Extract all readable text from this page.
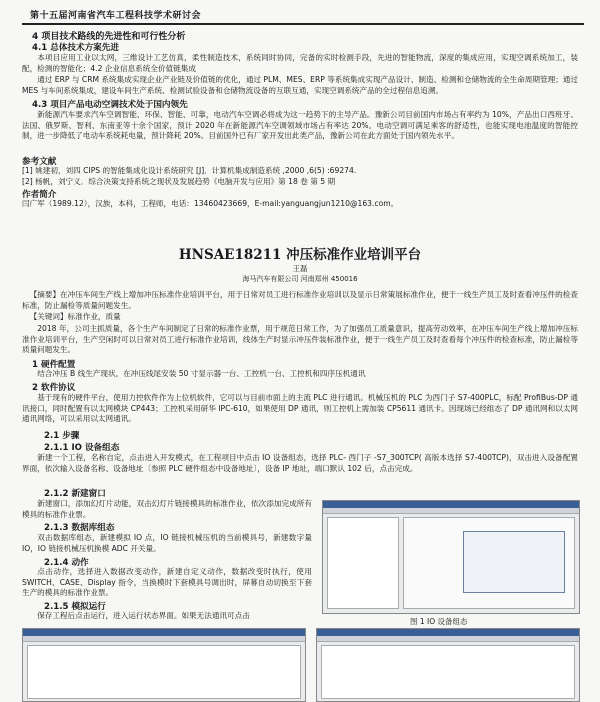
第十五届河南省汽车工程科技学术研讨会
4 项目技术路线的先进性和可行性分析
4.1 总体技术方案先进
本项目应用工业以太网，三维设计工艺仿真，柔性制造技术，系统同时协同，完备的实时检测手段，先进的智能物流，深度的集成应用，实现空调系统加工，装配，检测的智能化；4.2 企业信息系统全价值链集成
通过 ERP 与 CRM 系统集成实现企业产业链及价值链的优化，通过 PLM、MES、ERP 等系统集成实现产品设计、制造、检测和仓储物流的全生命周期管理；通过 MES 与车间系统集成，建设车间生产系统、检测试验设备和仓储物流设备的互联互通，实现空调系统产品的全过程信息追溯。
4.3 项目产品电动空调技术处于国内领先
新能源汽车要求汽车空调智能、环保、智能、可靠，电动汽车空调必将成为这一趋势下的主导产品。豫新公司目前国内市场占有率约为 10%，产品出口西班牙、法国、俄罗斯、智利、东南亚等十余个国家，预计 2020 年在新能源汽车空调领域市场占有率达 20%。电动空调可满足乘客的舒适性，也能实现电池温度的智能控制，进一步降低了电动车系统耗电量，预计降耗 20%。目前国外已有厂家开发出此类产品，豫新公司在此方面处于国内领先水平。
参考文献
[1] 姚建初，刘四 CIPS 的智能集成化设计系统研究 [J]．计算机集成制造系统 ,2000 ,6(5) :69274.
[2] 杨帆，刘宁义．综合决策支持系统之现状及发展趋势《电脑开发与应用》第 18 卷 第 5 期
作者简介
闫广军（1989.12），汉族，本科，工程师，电话：13460423669，E-mail:yanguangjun1210@163.com。
HNSAE18211 冲压标准作业培训平台
王磊
海马汽车有限公司 河南郑州 450016
【摘要】在冲压车间生产线上增加冲压标准作业培训平台，用于日常对员工进行标准作业培训以及显示日常策展标准作业，便于一线生产员工及时查看冲压件的检查标准，防止漏检等质量问题发生。
【关键词】标准作业，质量
2018 年，公司主抓质量，各个生产车间制定了日常的标准作业票，用于规范日常工作，为了加强员工质量意识，提高劳动效率，在冲压车间生产线上增加冲压标准作业培训平台，生产空闲时可以日常对员工进行标准作业培训，线体生产时显示冲压件装标准作业，便于一线生产员工及时查看每个冲压件的检查标准，防止漏检等质量问题发生。
1 硬件配置
结合冲压 B 线生产现状，在冲压线尾安装 50 寸显示器一台、工控机一台、工控机和四序压机通讯
2 软件协议
基于现有的硬件平台，使用力控软件作为上位机软件，它可以与目前市面上的主流 PLC 进行通讯。机械压机的 PLC 为西门子 S7-400PLC，标配 ProfiBus-DP 通讯接口，同时配置有以太网模块 CP443；工控机采用研华 IPC-610，如果使用 DP 通讯，则工控机上需加装 CP5611 通讯卡。因现场已经组态了 DP 通讯网和以太网通讯网络，可以采用以太网通讯。
2.1 步骤
2.1.1 IO 设备组态
新建一个工程，名称自定，点击进入开发模式，在工程项目中点击 IO 设备组态，选择 PLC- 西门子 -S7_300TCP( 高版本选择 S7-400TCP)，双击进入设备配置界面，依次输入设备名称、设备地址〔参照 PLC 硬件组态中设备地址〕，设备 IP 地址，端口默认 102 后，点击完成。
2.1.2 新建窗口
新建窗口，添加幻灯片动能，双击幻灯片链接模具的标准作业，依次添加完成所有模具的标准作业票。
2.1.3 数据库组态
双击数据库组态，新建模拟 IO 点，IO 链接机械压机的当前模具号，新建数字量 IO，IO 链接机械压机换模 ADC 开关量。
2.1.4 动作
点击动作，选择进入数据改变动作，新建自定义动作，数据改变时执行，使用 SWITCH、CASE、Display 指令，当换模时下套模具号调出时，屏幕自动切换至下套生产的模具的标准作业票。
2.1.5 模拟运行
保存工程后点击运行，进入运行状态界面。如果无法通讯可点击
图 1 IO 设备组态
